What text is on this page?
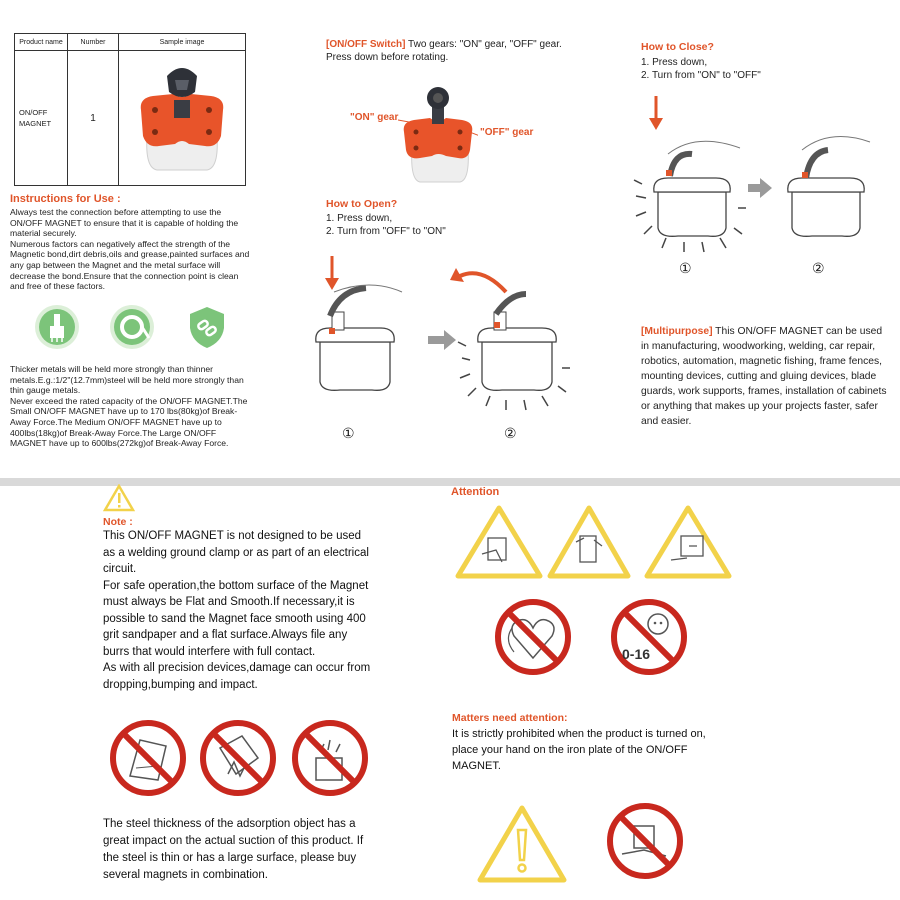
Product name	Number	Sample image
ON/OFF MAGNET	1	
Instructions for Use :
Always test the connection before attempting to use the ON/OFF MAGNET to ensure that it is capable of holding the material securely.
Numerous factors can negatively affect the strength of the Magnetic bond,dirt debris,oils and grease,painted surfaces and any gap between the Magnet and the metal surface will decrease the bond.Ensure that the connection point is clean and free of these factors.
Thicker metals will be held more strongly than thinner metals.E.g.:1/2"(12.7mm)steel will be held more strongly than thin gauge metals.
Never exceed the rated capacity of the ON/OFF MAGNET.The Small ON/OFF MAGNET have up to 170 lbs(80kg)of Break-Away Force.The Medium ON/OFF MAGNET have up to 400lbs(18kg)of Break-Away Force.The Large ON/OFF MAGNET have up to 600lbs(272kg)of Break-Away Force.
[ON/OFF Switch] Two gears: "ON" gear, "OFF" gear.
Press down before rotating.
"ON" gear
"OFF" gear
How to Open?
1. Press down,
2. Turn from "OFF" to "ON"
①	②
How to Close?
1. Press down,
2. Turn from "ON" to "OFF"
①	②
[Multipurpose] This ON/OFF MAGNET can be used in manufacturing, woodworking, welding, car repair, robotics, automation, magnetic fishing, frame fences, mounting devices, cutting and gluing devices, blade guards, work supports, frames, installation of cabinets or anything that makes up your projects faster, safer and easier.
Note :
This ON/OFF MAGNET is not designed to be used as a welding ground clamp or as part of an electrical circuit.
For safe operation,the bottom surface of the Magnet must always be Flat and Smooth.If necessary,it is possible to sand the Magnet face smooth using 400 grit sandpaper and a flat surface.Always file any burrs that would interfere with full contact.
As with all precision devices,damage can occur from dropping,bumping and impact.
The steel thickness of the adsorption object has a great impact on the actual suction of this product. If the steel is thin or has a large surface, please buy several magnets in combination.
Attention
0-16
Matters need attention:
It is strictly prohibited when the product is turned on, place your hand on the iron plate of the ON/OFF MAGNET.
